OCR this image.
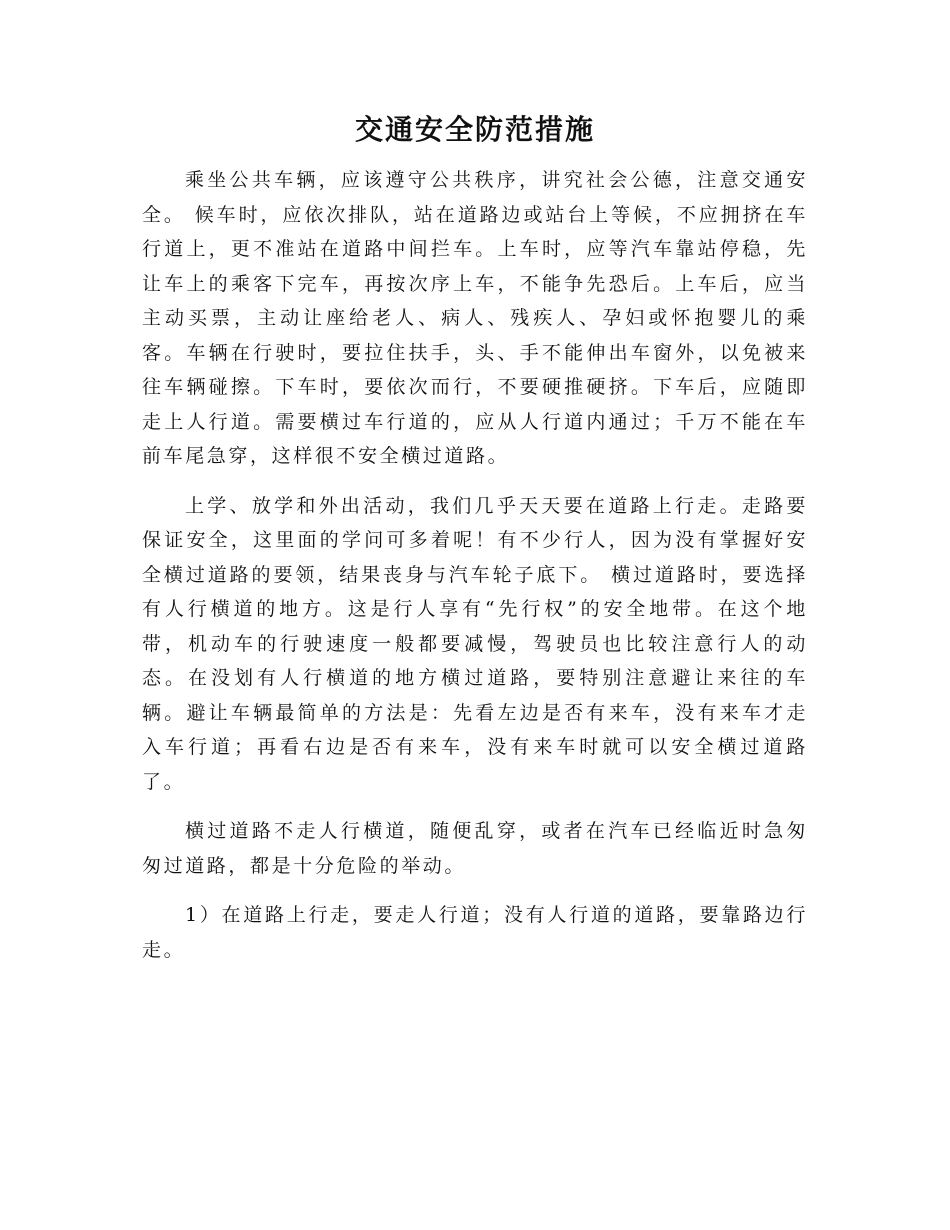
交通安全防范措施

乘坐公共车辆，应该遵守公共秩序，讲究社会公德，注意交通安全。 候车时，应依次排队，站在道路边或站台上等候，不应拥挤在车行道上，更不准站在道路中间拦车。上车时，应等汽车靠站停稳，先让车上的乘客下完车，再按次序上车，不能争先恐后。上车后，应当主动买票，主动让座给老人、病人、残疾人、孕妇或怀抱婴儿的乘客。车辆在行驶时，要拉住扶手，头、手不能伸出车窗外，以免被来往车辆碰擦。下车时，要依次而行，不要硬推硬挤。下车后，应随即走上人行道。需要横过车行道的，应从人行道内通过；千万不能在车前车尾急穿，这样很不安全横过道路。

上学、放学和外出活动，我们几乎天天要在道路上行走。走路要保证安全，这里面的学问可多着呢！有不少行人，因为没有掌握好安全横过道路的要领，结果丧身与汽车轮子底下。 横过道路时，要选择有人行横道的地方。这是行人享有“先行权”的安全地带。在这个地带，机动车的行驶速度一般都要减慢，驾驶员也比较注意行人的动态。在没划有人行横道的地方横过道路，要特别注意避让来往的车辆。避让车辆最简单的方法是：先看左边是否有来车，没有来车才走入车行道；再看右边是否有来车，没有来车时就可以安全横过道路了。

横过道路不走人行横道，随便乱穿，或者在汽车已经临近时急匆匆过道路，都是十分危险的举动。

1）在道路上行走，要走人行道；没有人行道的道路，要靠路边行走。
